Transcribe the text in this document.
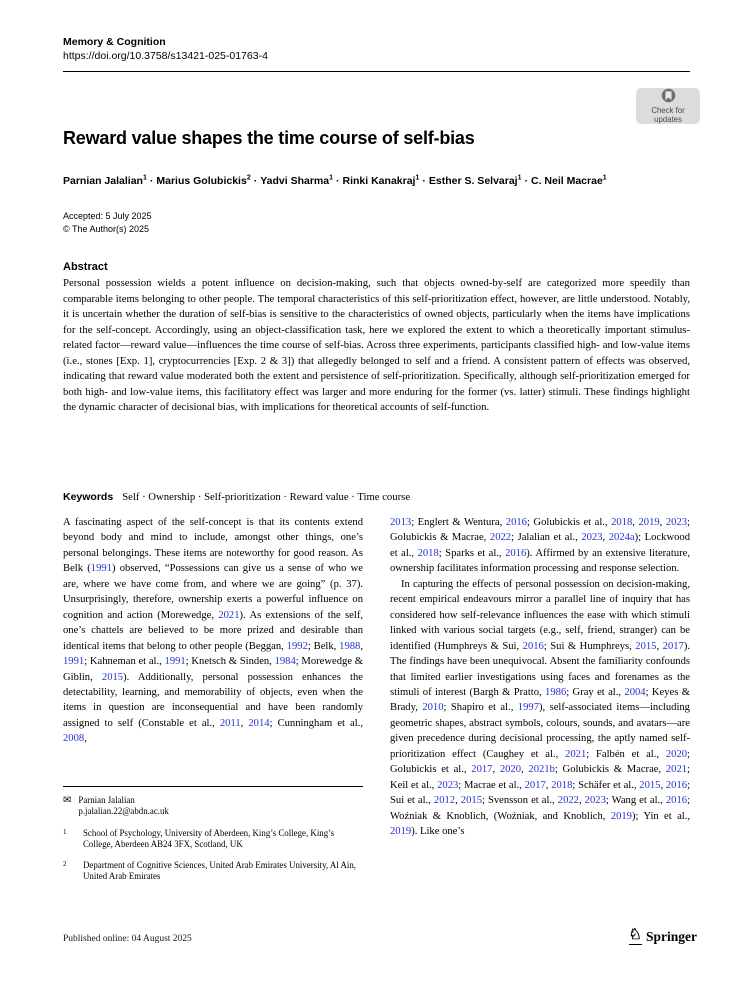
Memory & Cognition
https://doi.org/10.3758/s13421-025-01763-4
Check for
updates
Reward value shapes the time course of self-bias
Parnian Jalalian$^1$ · Marius Golubickis$^2$ · Yadvi Sharma$^1$ · Rinki Kanakraj$^1$ · Esther S. Selvaraj$^1$ · C. Neil Macrae$^1$
Accepted: 5 July 2025
© The Author(s) 2025
Abstract

Personal possession wields a potent influence on decision-making, such that objects owned-by-self are categorized more speedily than comparable items belonging to other people. The temporal characteristics of this self-prioritization effect, however, are little understood. Notably, it is uncertain whether the duration of self-bias is sensitive to the characteristics of owned objects, particularly when the items have implications for the self-concept. Accordingly, using an object-classification task, here we explored the extent to which a theoretically important stimulus-related factor—reward value—influences the time course of self-bias. Across three experiments, participants classified high- and low-value items (i.e., stones [Exp. 1], cryptocurrencies [Exp. 2 & 3]) that allegedly belonged to self and a friend. A consistent pattern of effects was observed, indicating that reward value moderated both the extent and persistence of self-prioritization. Specifically, although self-prioritization emerged for both high- and low-value items, this facilitatory effect was larger and more enduring for the former (vs. latter) stimuli. These findings highlight the dynamic character of decisional bias, with implications for theoretical accounts of self-function.

Keywords Self · Ownership · Self-prioritization · Reward value · Time course

A fascinating aspect of the self-concept is that its contents extend beyond body and mind to include, amongst other things, one’s personal belongings. These items are noteworthy for good reason. As Belk (1991) observed, “Possessions can give us a sense of who we are, where we have come from, and where we are going” (p. 37). Unsurprisingly, therefore, ownership exerts a powerful influence on cognition and action (Morewedge, 2021). As extensions of the self, one’s chattels are believed to be more prized and desirable than identical items that belong to other people (Beggan, 1992; Belk, 1988, 1991; Kahneman et al., 1991; Knetsch & Sinden, 1984; Morewedge & Giblin, 2015). Additionally, personal possession enhances the detectability, learning, and memorability of objects, even when the items in question are inconsequential and have been randomly assigned to self (Constable et al., 2011, 2014; Cunningham et al., 2008,

2013; Englert & Wentura, 2016; Golubickis et al., 2018, 2019, 2023; Golubickis & Macrae, 2022; Jalalian et al., 2023, 2024a); Lockwood et al., 2018; Sparks et al., 2016). Affirmed by an extensive literature, ownership facilitates information processing and response selection.

In capturing the effects of personal possession on decision-making, recent empirical endeavours mirror a parallel line of inquiry that has considered how self-relevance influences the ease with which stimuli linked with various social targets (e.g., self, friend, stranger) can be identified (Humphreys & Sui, 2016; Sui & Humphreys, 2015, 2017). The findings have been unequivocal. Absent the familiarity confounds that limited earlier investigations using faces and forenames as the stimuli of interest (Bargh & Pratto, 1986; Gray et al., 2004; Keyes & Brady, 2010; Shapiro et al., 1997), self-associated items—including geometric shapes, abstract symbols, colours, sounds, and avatars—are given precedence during decisional processing, the aptly named self-prioritization effect (Caughey et al., 2021; Falbén et al., 2020; Golubickis et al., 2017, 2020, 2021b; Golubickis & Macrae, 2021; Keil et al., 2023; Macrae et al., 2017, 2018; Schäfer et al., 2015, 2016; Sui et al., 2012, 2015; Svensson et al., 2022, 2023; Wang et al., 2016; Woźniak & Knoblich, (Woźniak, and Knoblich, 2019); Yin et al., 2019). Like one’s

✉ Parnian Jalalian
p.jalalian.22@abdn.ac.uk
1	School of Psychology, University of Aberdeen, King’s College, King’s College, Aberdeen AB24 3FX, Scotland, UK
2	Department of Cognitive Sciences, United Arab Emirates University, Al Ain, United Arab Emirates
Published online: 04 August 2025	♘ Springer
